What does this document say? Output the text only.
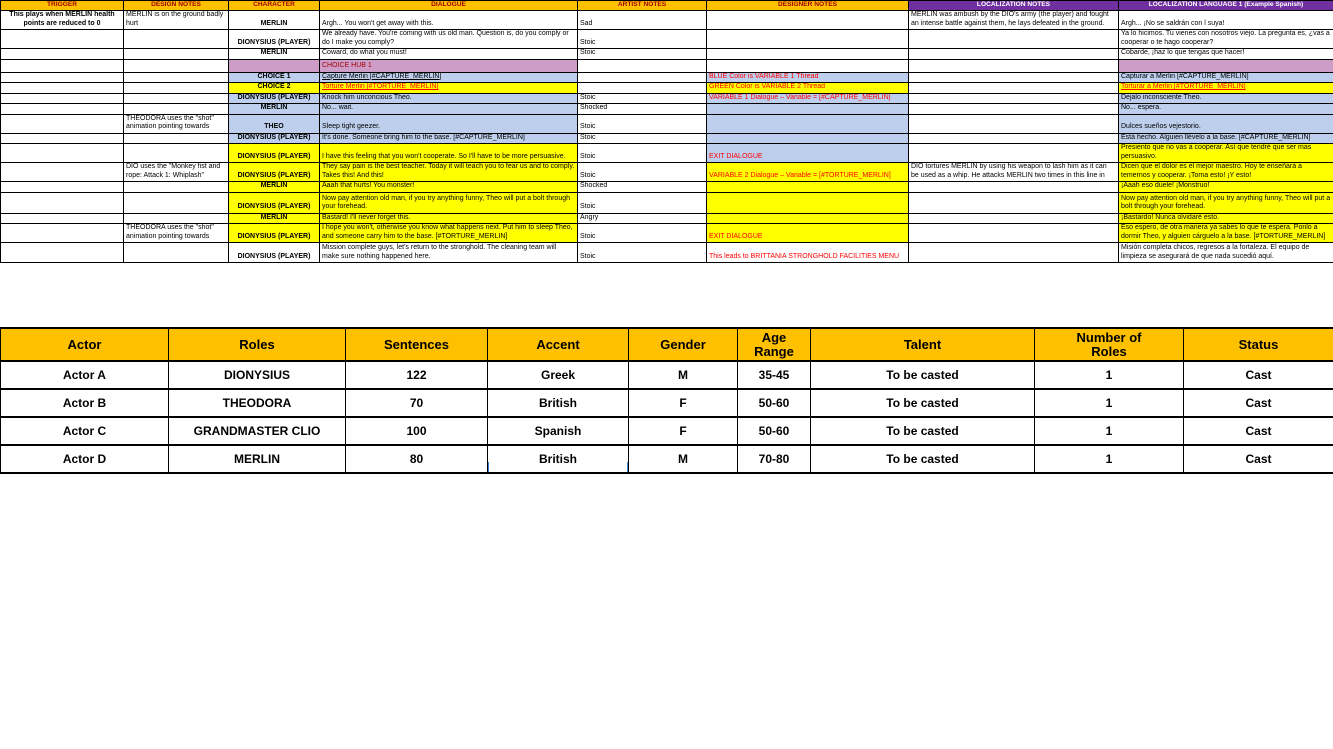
TRIGGER	DESIGN NOTES	CHARACTER	DIALOGUE	ARTIST NOTES	DESIGNER NOTES	LOCALIZATION NOTES	LOCALIZATION LANGUAGE 1 (Example Spanish)
This plays when MERLIN health points are reduced to 0	MERLIN is on the ground badly hurt	MERLIN	Argh... You won't get away with this.	Sad		MERLIN was ambush by the DIO's army (the player) and fought an intense battle against them, he lays defeated in the ground.	Argh... ¡No se saldrán con l suya!
		DIONYSIUS (PLAYER)	We already have. You're coming with us old man. Question is, do you comply or do I make you comply?	Stoic			Ya lo hicimos. Tu vienes con nosotros viejo. La pregunta es, ¿vas a cooperar o te hago cooperar?
		MERLIN	Coward, do what you must!	Stoic			Cobarde, ¡haz lo que tengas que hacer!
			CHOICE HUB 1				
		CHOICE 1	Capture Merlin [#CAPTURE_MERLIN]		BLUE Color is VARIABLE 1 Thread		Capturar a Merlin [#CAPTURE_MERLIN]
		CHOICE 2	Torture Merlin [#TORTURE_MERLIN]		GREEN Color is VARIABLE 2 Thread		Torturar a Merlin [#TORTURE_MERLIN]
		DIONYSIUS (PLAYER)	Knock him unconcious Theo.	Stoic	VARIABLE 1 Dialogue – Variable = [#CAPTURE_MERLIN]		Dejalo inconsciente Theo.
		MERLIN	No... wait.	Shocked			No... espera.
	THEODORA uses the "shot" animation pointing towards	THEO	Sleep tight geezer.	Stoic			Dulces sueños vejestorio.
		DIONYSIUS (PLAYER)	It's done. Someone bring him to the base. [#CAPTURE_MERLIN]	Stoic			Está hecho. Alguien llévelo a la base. [#CAPTURE_MERLIN]
		DIONYSIUS (PLAYER)	I have this feeling that you won't cooperate. So I'll have to be more persuasive.	Stoic	EXIT DIALOGUE		Presiento que no vas a cooperar. Así que tendré que ser mas persuasivo.
	DIO uses the "Monkey fist and rope: Attack 1: Whiplash"	DIONYSIUS (PLAYER)	They say pain is the best teacher. Today it will teach you to fear us and to comply. Takes this! And this!	Stoic	VARIABLE 2 Dialogue – Variable = [#TORTURE_MERLIN]	DIO tortures MERLIN by using his weapon to lash him as it can be used as a whip. He attacks MERLIN two times in this line in	Dicen que el dolor es el mejor maestro. Hoy te enseñará a temernos y cooperar. ¡Toma esto! ¡Y esto!
		MERLIN	Aaah that hurts! You monster!	Shocked			¡Aaah eso duele! ¡Monstruo!
		DIONYSIUS (PLAYER)	Now pay attention old man, if you try anything funny, Theo will put a bolt through your forehead.	Stoic			Now pay attention old man, if you try anything funny, Theo will put a bolt through your forehead.
		MERLIN	Bastard! I'll never forget this.	Angry			¡Bastardo! Nunca olvidaré esto.
	THEODORA uses the "shot" animation pointing towards	DIONYSIUS (PLAYER)	I hope you won't, otherwise you know what happens next. Put him to sleep Theo, and someone carry him to the base. [#TORTURE_MERLIN]	Stoic	EXIT DIALOGUE		Eso espero, de otra manera ya sabes lo que te espera. Ponlo a dormir Theo, y alguien cárguelo a la base. [#TORTURE_MERLIN]
		DIONYSIUS (PLAYER)	Mission complete guys, let's return to the stronghold. The cleaning team will make sure nothing happened here.	Stoic	This leads to BRITTANIA STRONGHOLD FACILITIES MENU		Misión completa chicos, regresos a la fortaleza. El equipo de limpieza se asegurará de que nada sucedió aquí.
Actor	Roles	Sentences	Accent	Gender	Age Range	Talent	Number of Roles	Status
Actor A	DIONYSIUS	122	Greek	M	35-45	To be casted	1	Cast
Actor B	THEODORA	70	British	F	50-60	To be casted	1	Cast
Actor C	GRANDMASTER CLIO	100	Spanish	F	50-60	To be casted	1	Cast
Actor D	MERLIN	80	British	M	70-80	To be casted	1	Cast
